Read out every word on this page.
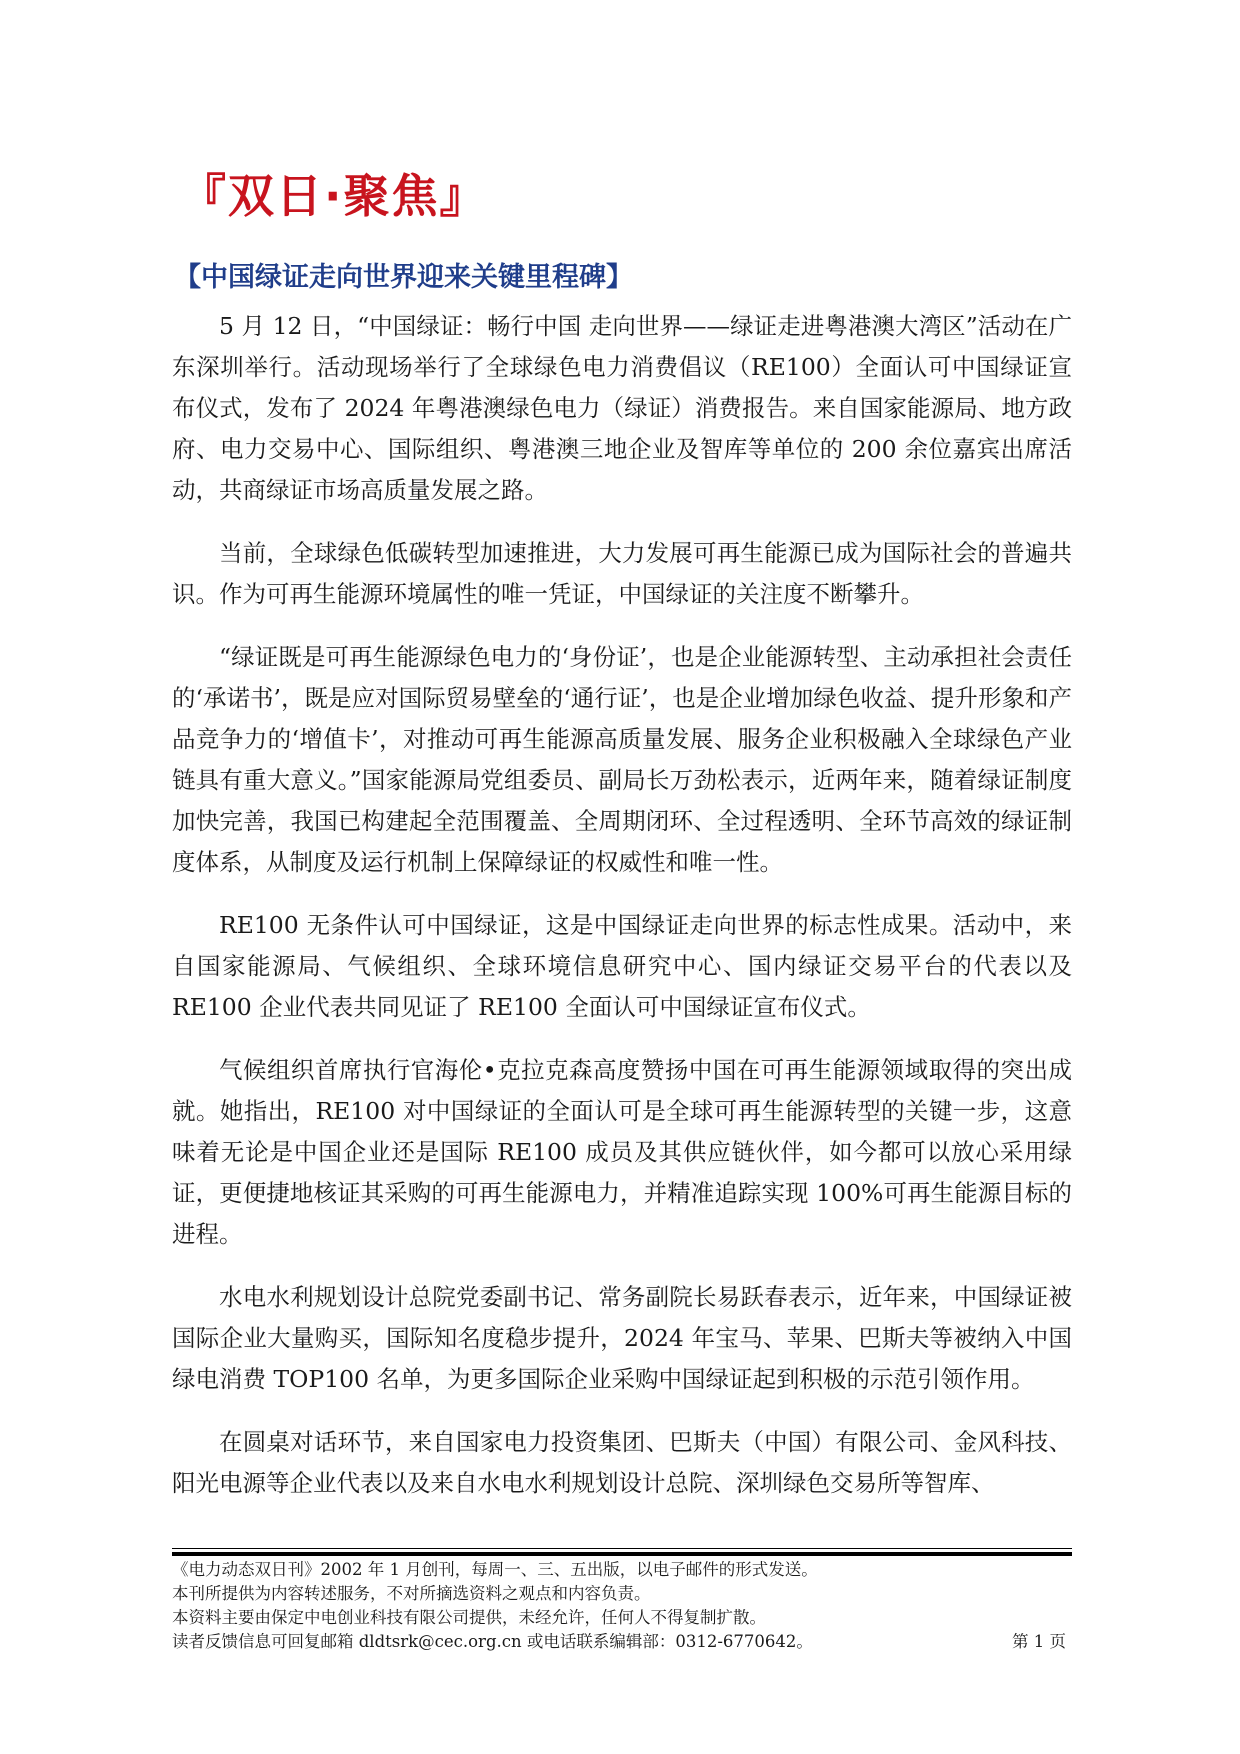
『双日·聚焦』
【中国绿证走向世界迎来关键里程碑】

5 月 12 日，“中国绿证：畅行中国 走向世界——绿证走进粤港澳大湾区”活动在广东深圳举行。活动现场举行了全球绿色电力消费倡议（RE100）全面认可中国绿证宣布仪式，发布了 2024 年粤港澳绿色电力（绿证）消费报告。来自国家能源局、地方政府、电力交易中心、国际组织、粤港澳三地企业及智库等单位的 200 余位嘉宾出席活动，共商绿证市场高质量发展之路。

当前，全球绿色低碳转型加速推进，大力发展可再生能源已成为国际社会的普遍共识。作为可再生能源环境属性的唯一凭证，中国绿证的关注度不断攀升。

“绿证既是可再生能源绿色电力的‘身份证’，也是企业能源转型、主动承担社会责任的‘承诺书’，既是应对国际贸易壁垒的‘通行证’，也是企业增加绿色收益、提升形象和产品竞争力的‘增值卡’，对推动可再生能源高质量发展、服务企业积极融入全球绿色产业链具有重大意义。”国家能源局党组委员、副局长万劲松表示，近两年来，随着绿证制度加快完善，我国已构建起全范围覆盖、全周期闭环、全过程透明、全环节高效的绿证制度体系，从制度及运行机制上保障绿证的权威性和唯一性。

RE100 无条件认可中国绿证，这是中国绿证走向世界的标志性成果。活动中，来自国家能源局、气候组织、全球环境信息研究中心、国内绿证交易平台的代表以及 RE100 企业代表共同见证了 RE100 全面认可中国绿证宣布仪式。

气候组织首席执行官海伦•克拉克森高度赞扬中国在可再生能源领域取得的突出成就。她指出，RE100 对中国绿证的全面认可是全球可再生能源转型的关键一步，这意味着无论是中国企业还是国际 RE100 成员及其供应链伙伴，如今都可以放心采用绿证，更便捷地核证其采购的可再生能源电力，并精准追踪实现 100%可再生能源目标的进程。

水电水利规划设计总院党委副书记、常务副院长易跃春表示，近年来，中国绿证被国际企业大量购买，国际知名度稳步提升，2024 年宝马、苹果、巴斯夫等被纳入中国绿电消费 TOP100 名单，为更多国际企业采购中国绿证起到积极的示范引领作用。

在圆桌对话环节，来自国家电力投资集团、巴斯夫（中国）有限公司、金风科技、阳光电源等企业代表以及来自水电水利规划设计总院、深圳绿色交易所等智库、

《电力动态双日刊》2002 年 1 月创刊，每周一、三、五出版，以电子邮件的形式发送。
本刊所提供为内容转述服务，不对所摘选资料之观点和内容负责。
本资料主要由保定中电创业科技有限公司提供，未经允许，任何人不得复制扩散。
读者反馈信息可回复邮箱 dldtsrk@cec.org.cn 或电话联系编辑部：0312-6770642。	第 1 页
